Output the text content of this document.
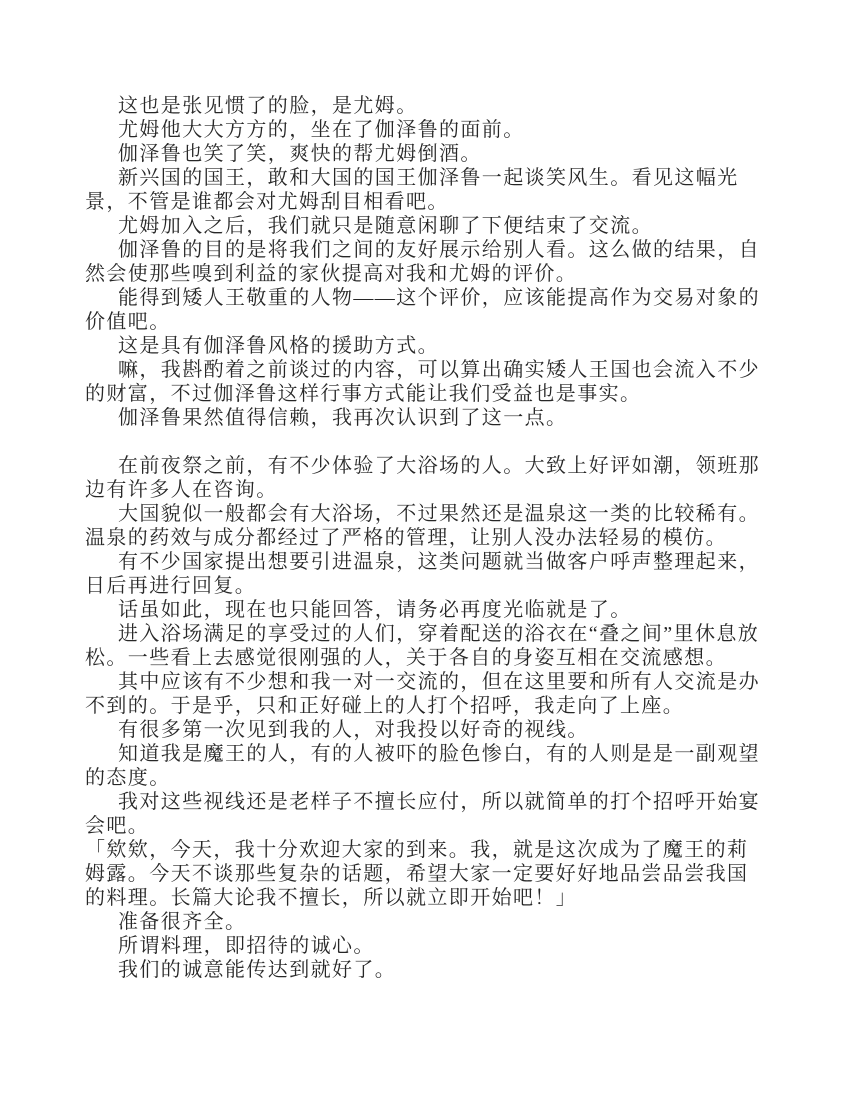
这也是张见惯了的脸，是尤姆。

尤姆他大大方方的，坐在了伽泽鲁的面前。

伽泽鲁也笑了笑，爽快的帮尤姆倒酒。

新兴国的国王，敢和大国的国王伽泽鲁一起谈笑风生。看见这幅光景，不管是谁都会对尤姆刮目相看吧。

尤姆加入之后，我们就只是随意闲聊了下便结束了交流。

伽泽鲁的目的是将我们之间的友好展示给别人看。这么做的结果，自然会使那些嗅到利益的家伙提高对我和尤姆的评价。

能得到矮人王敬重的人物——这个评价，应该能提高作为交易对象的价值吧。

这是具有伽泽鲁风格的援助方式。

嘛，我斟酌着之前谈过的内容，可以算出确实矮人王国也会流入不少的财富，不过伽泽鲁这样行事方式能让我们受益也是事实。

伽泽鲁果然值得信赖，我再次认识到了这一点。

在前夜祭之前，有不少体验了大浴场的人。大致上好评如潮，领班那边有许多人在咨询。

大国貌似一般都会有大浴场，不过果然还是温泉这一类的比较稀有。温泉的药效与成分都经过了严格的管理，让别人没办法轻易的模仿。

有不少国家提出想要引进温泉，这类问题就当做客户呼声整理起来，日后再进行回复。

话虽如此，现在也只能回答，请务必再度光临就是了。

进入浴场满足的享受过的人们，穿着配送的浴衣在“叠之间”里休息放松。一些看上去感觉很刚强的人，关于各自的身姿互相在交流感想。

其中应该有不少想和我一对一交流的，但在这里要和所有人交流是办不到的。于是乎，只和正好碰上的人打个招呼，我走向了上座。

有很多第一次见到我的人，对我投以好奇的视线。

知道我是魔王的人，有的人被吓的脸色惨白，有的人则是是一副观望的态度。

我对这些视线还是老样子不擅长应付，所以就简单的打个招呼开始宴会吧。

「欸欸，今天，我十分欢迎大家的到来。我，就是这次成为了魔王的莉姆露。今天不谈那些复杂的话题，希望大家一定要好好地品尝品尝我国的料理。长篇大论我不擅长，所以就立即开始吧！」

准备很齐全。

所谓料理，即招待的诚心。

我们的诚意能传达到就好了。
